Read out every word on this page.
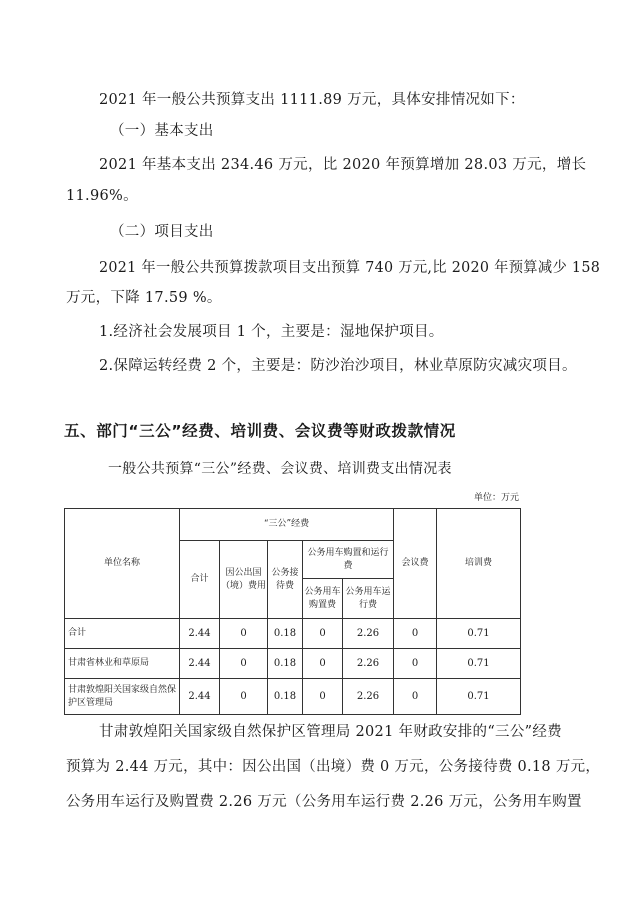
2021 年一般公共预算支出 1111.89 万元，具体安排情况如下：
（一）基本支出
2021 年基本支出 234.46 万元，比 2020 年预算增加 28.03 万元，增长
11.96%。
（二）项目支出
2021 年一般公共预算拨款项目支出预算 740 万元,比 2020 年预算减少 158
万元，下降 17.59 %。
1.经济社会发展项目 1 个，主要是：湿地保护项目。
2.保障运转经费 2 个，主要是：防沙治沙项目，林业草原防灾减灾项目。
五、部门“三公”经费、培训费、会议费等财政拨款情况
一般公共预算“三公”经费、会议费、培训费支出情况表
单位：万元
单位名称	“三公”经费					会议费	培训费
	合计	因公出国（境）费用	公务接待费	公务用车购置和运行费			
				公务用车购置费	公务用车运行费		
合计	2.44	0	0.18	0	2.26	0	0.71
甘肃省林业和草原局	2.44	0	0.18	0	2.26	0	0.71
甘肃敦煌阳关国家级自然保护区管理局	2.44	0	0.18	0	2.26	0	0.71
甘肃敦煌阳关国家级自然保护区管理局 2021 年财政安排的“三公”经费
预算为 2.44 万元，其中：因公出国（出境）费 0 万元，公务接待费 0.18 万元，
公务用车运行及购置费 2.26 万元（公务用车运行费 2.26 万元，公务用车购置
